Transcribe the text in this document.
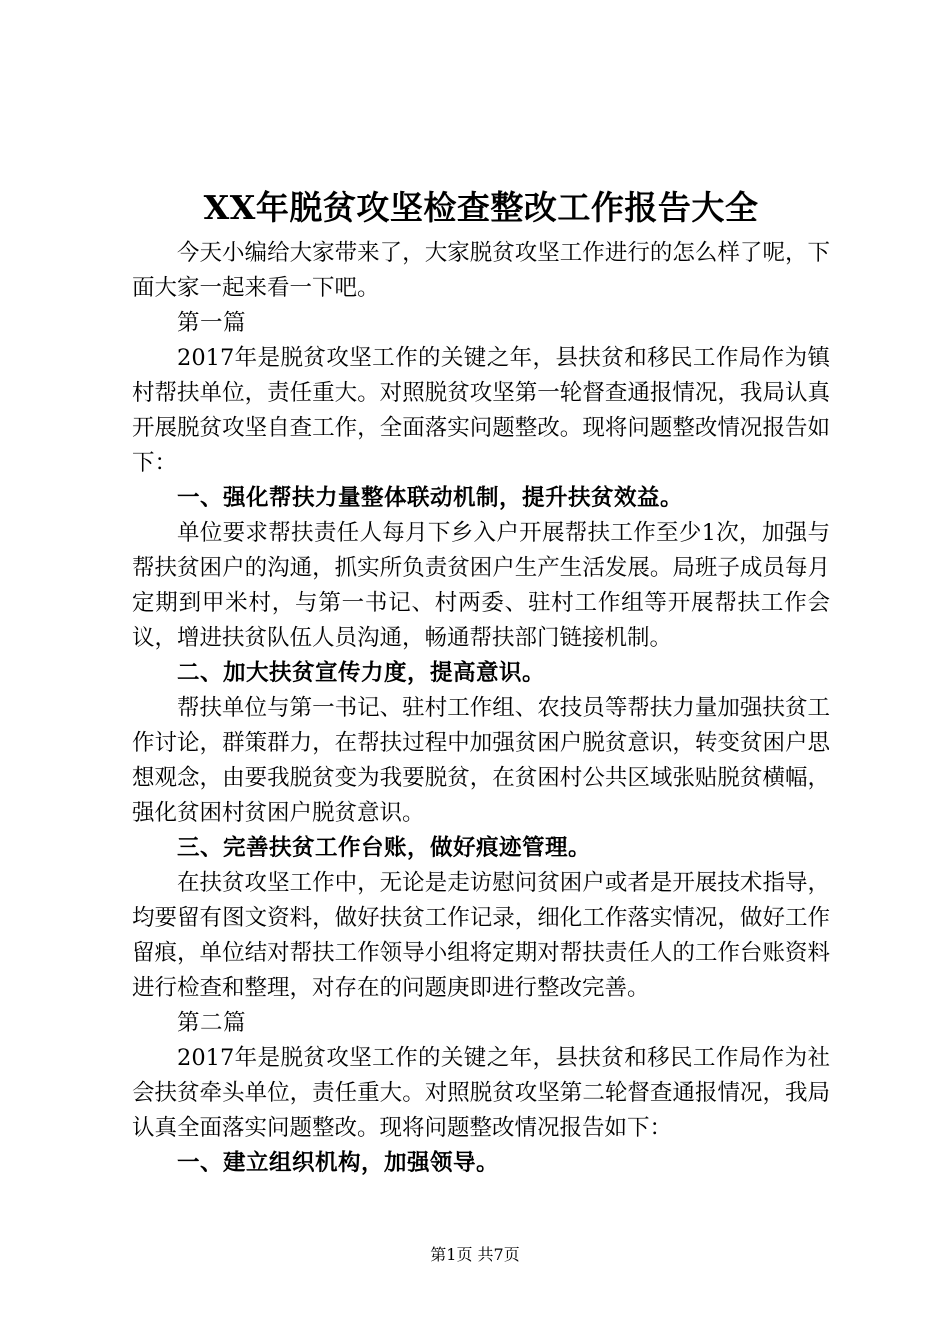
XX年脱贫攻坚检查整改工作报告大全

今天小编给大家带来了，大家脱贫攻坚工作进行的怎么样了呢，下面大家一起来看一下吧。

第一篇

2017年是脱贫攻坚工作的关键之年，县扶贫和移民工作局作为镇村帮扶单位，责任重大。对照脱贫攻坚第一轮督查通报情况，我局认真开展脱贫攻坚自查工作，全面落实问题整改。现将问题整改情况报告如下：

一、强化帮扶力量整体联动机制，提升扶贫效益。

单位要求帮扶责任人每月下乡入户开展帮扶工作至少1次，加强与帮扶贫困户的沟通，抓实所负责贫困户生产生活发展。局班子成员每月定期到甲米村，与第一书记、村两委、驻村工作组等开展帮扶工作会议，增进扶贫队伍人员沟通，畅通帮扶部门链接机制。

二、加大扶贫宣传力度，提高意识。

帮扶单位与第一书记、驻村工作组、农技员等帮扶力量加强扶贫工作讨论，群策群力，在帮扶过程中加强贫困户脱贫意识，转变贫困户思想观念，由要我脱贫变为我要脱贫，在贫困村公共区域张贴脱贫横幅，强化贫困村贫困户脱贫意识。

三、完善扶贫工作台账，做好痕迹管理。

在扶贫攻坚工作中，无论是走访慰问贫困户或者是开展技术指导，均要留有图文资料，做好扶贫工作记录，细化工作落实情况，做好工作留痕，单位结对帮扶工作领导小组将定期对帮扶责任人的工作台账资料进行检查和整理，对存在的问题庚即进行整改完善。

第二篇

2017年是脱贫攻坚工作的关键之年，县扶贫和移民工作局作为社会扶贫牵头单位，责任重大。对照脱贫攻坚第二轮督查通报情况，我局认真全面落实问题整改。现将问题整改情况报告如下：

一、建立组织机构，加强领导。

第1页 共7页
